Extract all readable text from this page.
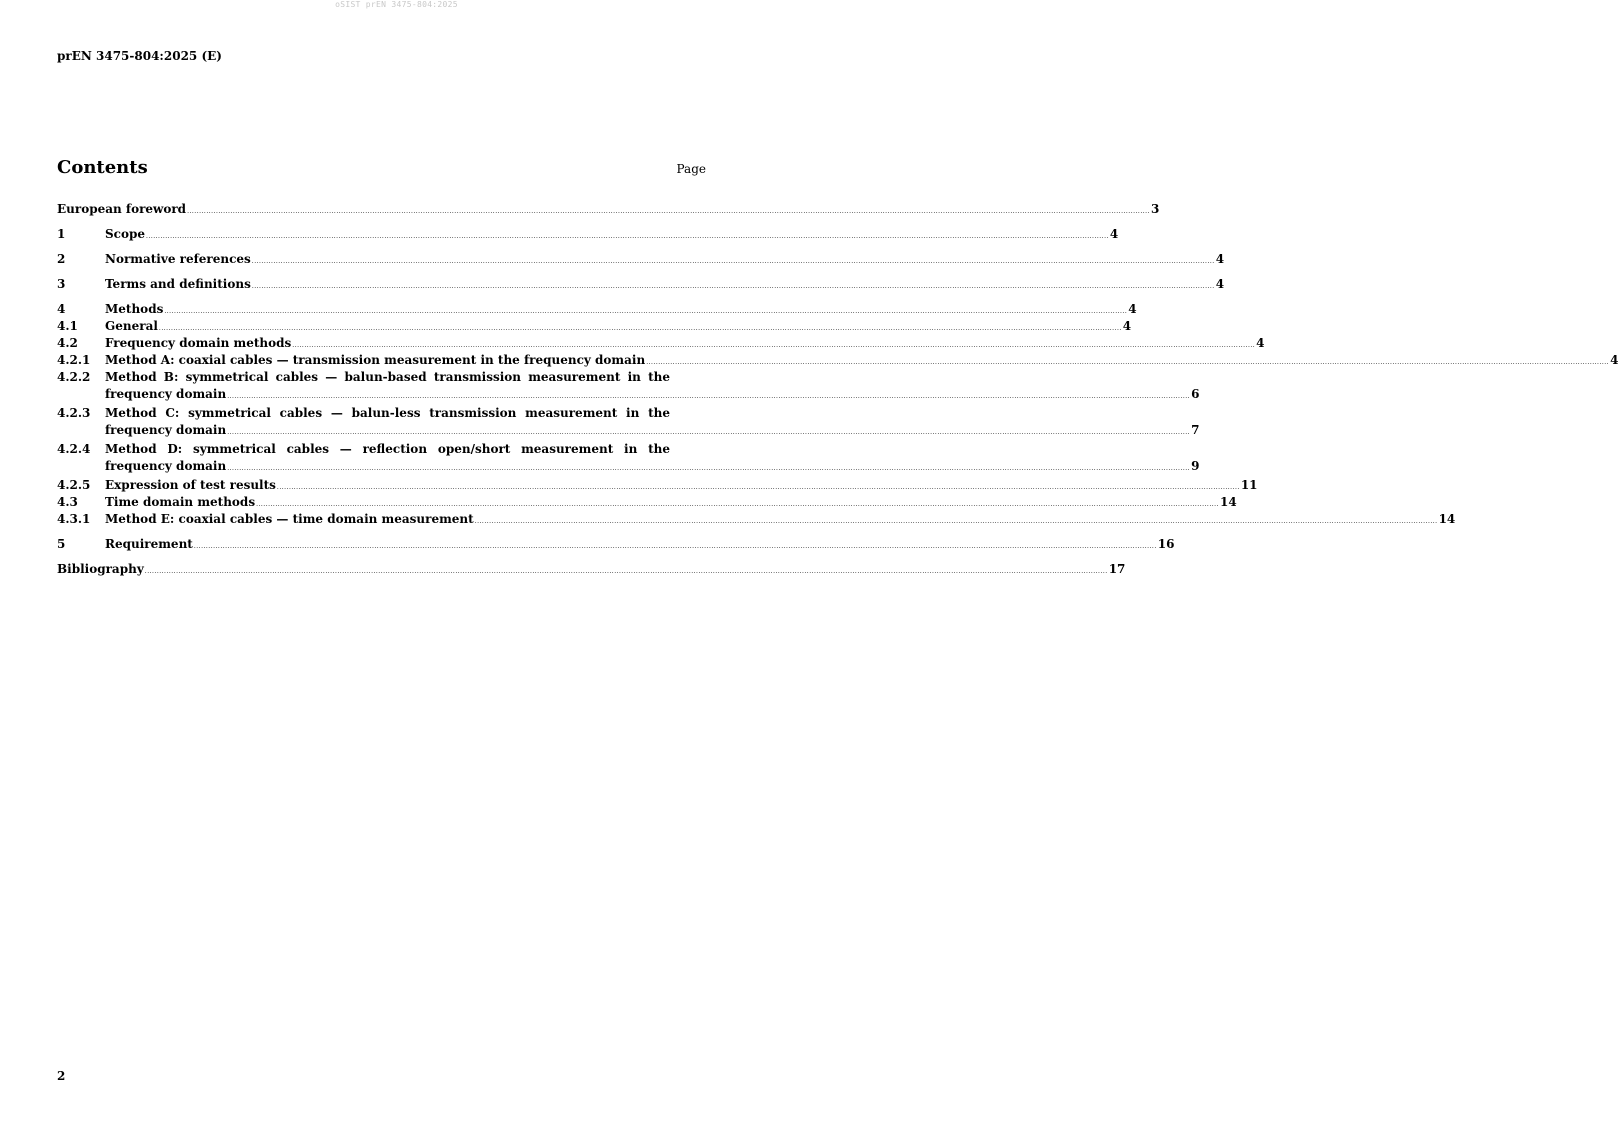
oSIST prEN 3475-804:2025
prEN 3475-804:2025 (E)
Contents	Page
European foreword ................................................................................................................................................................................................................................................................................................................................................................................................................ 3
1	Scope ................................................................................................................................................................................................................................................................................................................................................................................................................ 4
2	Normative references ................................................................................................................................................................................................................................................................................................................................................................................................................ 4
3	Terms and definitions ................................................................................................................................................................................................................................................................................................................................................................................................................ 4
4	Methods ................................................................................................................................................................................................................................................................................................................................................................................................................ 4
4.1	General ................................................................................................................................................................................................................................................................................................................................................................................................................ 4
4.2	Frequency domain methods ................................................................................................................................................................................................................................................................................................................................................................................................................ 4
4.2.1	Method A: coaxial cables — transmission measurement in the frequency domain ................................................................................................................................................................................................................................................................................................................................................................................................................ 4
4.2.2	Method B: symmetrical cables — balun-based transmission measurement in the
frequency domain ................................................................................................................................................................................................................................................................................................................................................................................................................ 6
4.2.3	Method C: symmetrical cables — balun-less transmission measurement in the
frequency domain ................................................................................................................................................................................................................................................................................................................................................................................................................ 7
4.2.4	Method D: symmetrical cables — reflection open/short measurement in the
frequency domain ................................................................................................................................................................................................................................................................................................................................................................................................................ 9
4.2.5	Expression of test results ................................................................................................................................................................................................................................................................................................................................................................................................................ 11
4.3	Time domain methods ................................................................................................................................................................................................................................................................................................................................................................................................................ 14
4.3.1	Method E: coaxial cables — time domain measurement ................................................................................................................................................................................................................................................................................................................................................................................................................ 14
5	Requirement ................................................................................................................................................................................................................................................................................................................................................................................................................ 16
Bibliography ................................................................................................................................................................................................................................................................................................................................................................................................................ 17
2
